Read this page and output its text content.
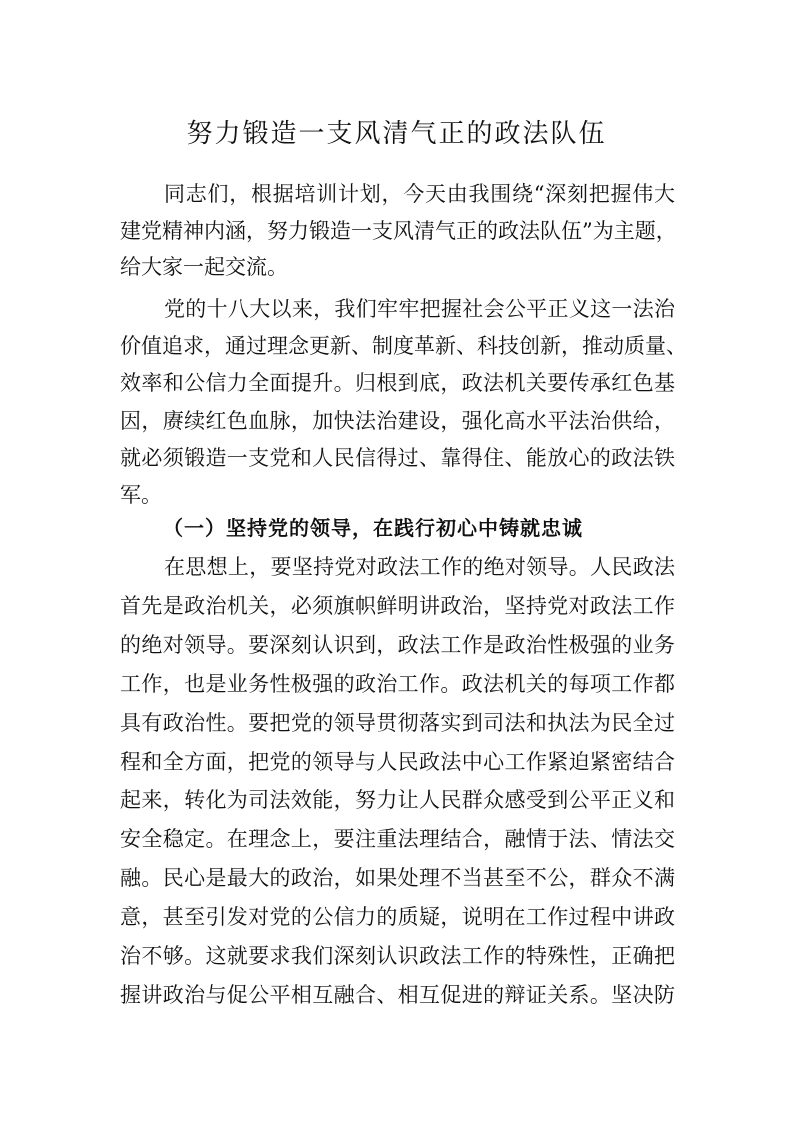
努力锻造一支风清气正的政法队伍
同志们，根据培训计划，今天由我围绕“深刻把握伟大
建党精神内涵，努力锻造一支风清气正的政法队伍”为主题，
给大家一起交流。
党的十八大以来，我们牢牢把握社会公平正义这一法治
价值追求，通过理念更新、制度革新、科技创新，推动质量、
效率和公信力全面提升。归根到底，政法机关要传承红色基
因，赓续红色血脉，加快法治建设，强化高水平法治供给，
就必须锻造一支党和人民信得过、靠得住、能放心的政法铁
军。
（一）坚持党的领导，在践行初心中铸就忠诚
在思想上，要坚持党对政法工作的绝对领导。人民政法
首先是政治机关，必须旗帜鲜明讲政治，坚持党对政法工作
的绝对领导。要深刻认识到，政法工作是政治性极强的业务
工作，也是业务性极强的政治工作。政法机关的每项工作都
具有政治性。要把党的领导贯彻落实到司法和执法为民全过
程和全方面，把党的领导与人民政法中心工作紧迫紧密结合
起来，转化为司法效能，努力让人民群众感受到公平正义和
安全稳定。在理念上，要注重法理结合，融情于法、情法交
融。民心是最大的政治，如果处理不当甚至不公，群众不满
意，甚至引发对党的公信力的质疑，说明在工作过程中讲政
治不够。这就要求我们深刻认识政法工作的特殊性，正确把
握讲政治与促公平相互融合、相互促进的辩证关系。坚决防
